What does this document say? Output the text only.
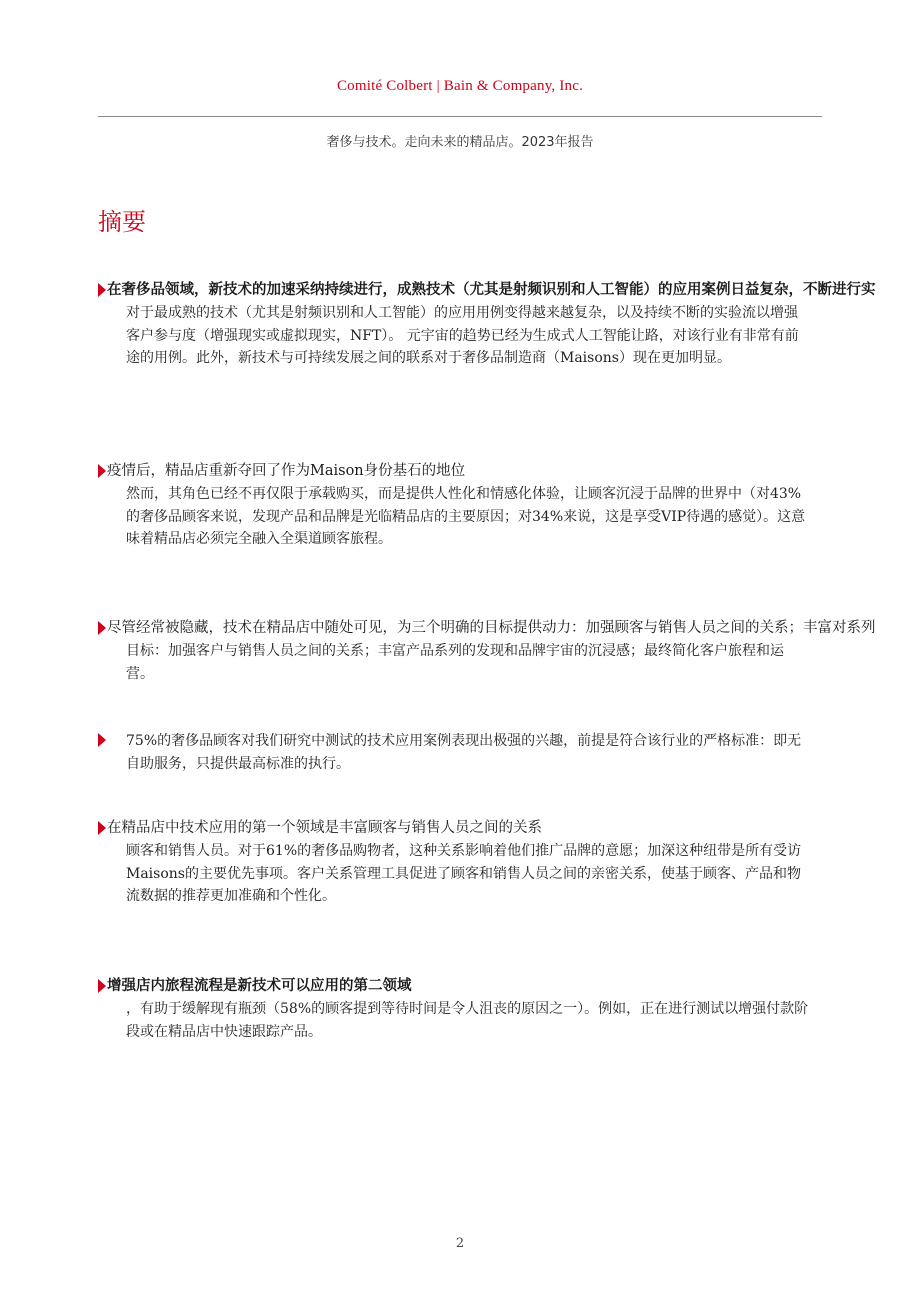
Comité Colbert | Bain & Company, Inc.
奢侈与技术。走向未来的精品店。2023年报告
摘要
在奢侈品领域，新技术的加速采纳持续进行，成熟技术（尤其是射频识别和人工智能）的应用案例日益复杂，不断进行实
对于最成熟的技术（尤其是射频识别和人工智能）的应用用例变得越来越复杂，以及持续不断的实验流以增强客户参与度（增强现实或虚拟现实，NFT）。 元宇宙的趋势已经为生成式人工智能让路，对该行业有非常有前途的用例。此外，新技术与可持续发展之间的联系对于奢侈品制造商（Maisons）现在更加明显。
疫情后，精品店重新夺回了作为Maison身份基石的地位
然而，其角色已经不再仅限于承载购买，而是提供人性化和情感化体验，让顾客沉浸于品牌的世界中（对43%的奢侈品顾客来说，发现产品和品牌是光临精品店的主要原因；对34%来说，这是享受VIP待遇的感觉）。这意味着精品店必须完全融入全渠道顾客旅程。
尽管经常被隐藏，技术在精品店中随处可见，为三个明确的目标提供动力：加强顾客与销售人员之间的关系；丰富对系列
目标：加强客户与销售人员之间的关系；丰富产品系列的发现和品牌宇宙的沉浸感；最终简化客户旅程和运营。
75%的奢侈品顾客对我们研究中测试的技术应用案例表现出极强的兴趣，前提是符合该行业的严格标准：即无自助服务，只提供最高标准的执行。
在精品店中技术应用的第一个领域是丰富顾客与销售人员之间的关系
顾客和销售人员。对于61%的奢侈品购物者，这种关系影响着他们推广品牌的意愿；加深这种纽带是所有受访Maisons的主要优先事项。客户关系管理工具促进了顾客和销售人员之间的亲密关系，使基于顾客、产品和物流数据的推荐更加准确和个性化。
增强店内旅程流程是新技术可以应用的第二领域
，有助于缓解现有瓶颈（58%的顾客提到等待时间是令人沮丧的原因之一）。例如，正在进行测试以增强付款阶段或在精品店中快速跟踪产品。
2
